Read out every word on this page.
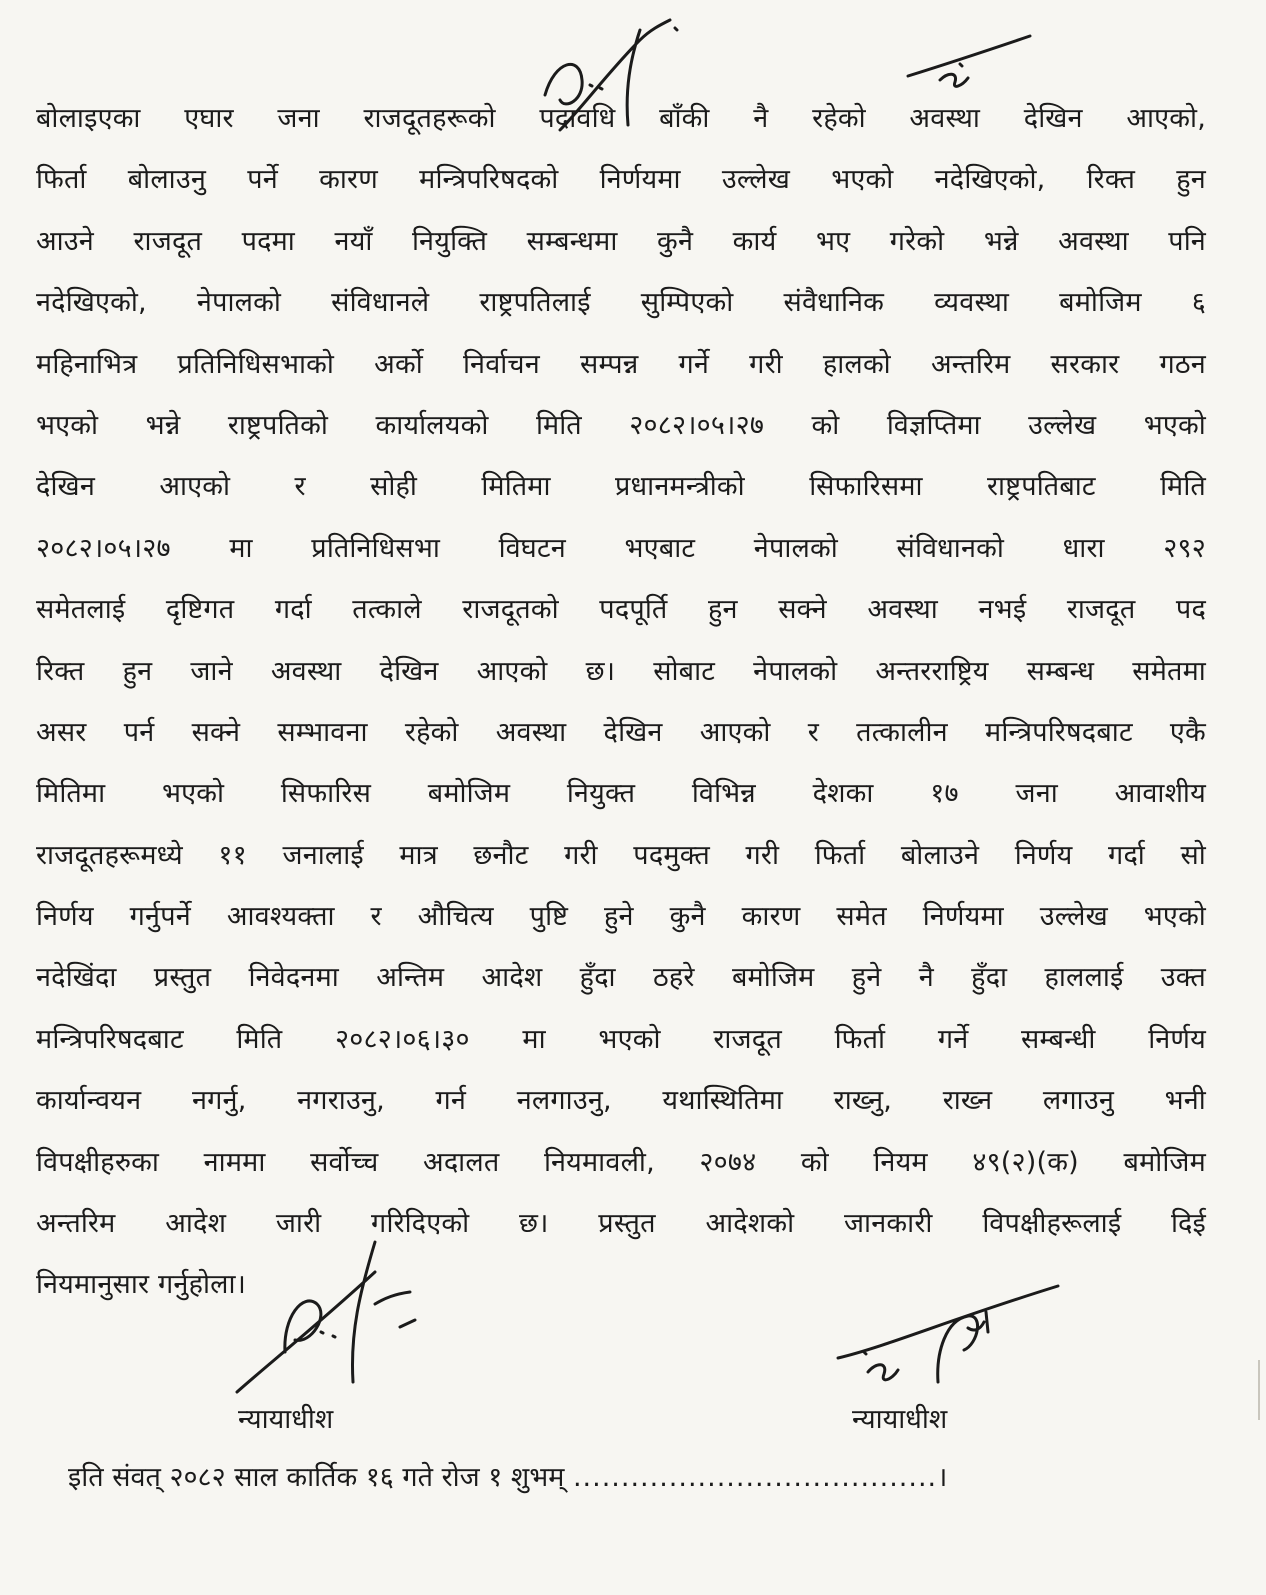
बोलाइएका एघार जना राजदूतहरूको पदावधि बाँकी नै रहेको अवस्था देखिन आएको,
फिर्ता बोलाउनु पर्ने कारण मन्त्रिपरिषदको निर्णयमा उल्लेख भएको नदेखिएको, रिक्त हुन
आउने राजदूत पदमा नयाँ नियुक्ति सम्बन्धमा कुनै कार्य भए गरेको भन्ने अवस्था पनि
नदेखिएको, नेपालको संविधानले राष्ट्रपतिलाई सुम्पिएको संवैधानिक व्यवस्था बमोजिम ६
महिनाभित्र प्रतिनिधिसभाको अर्को निर्वाचन सम्पन्न गर्ने गरी हालको अन्तरिम सरकार गठन
भएको भन्ने राष्ट्रपतिको कार्यालयको मिति २०८२।०५।२७ को विज्ञप्तिमा उल्लेख भएको
देखिन आएको र सोही मितिमा प्रधानमन्त्रीको सिफारिसमा राष्ट्रपतिबाट मिति
२०८२।०५।२७ मा प्रतिनिधिसभा विघटन भएबाट नेपालको संविधानको धारा २९२
समेतलाई दृष्टिगत गर्दा तत्काले राजदूतको पदपूर्ति हुन सक्ने अवस्था नभई राजदूत पद
रिक्त हुन जाने अवस्था देखिन आएको छ। सोबाट नेपालको अन्तरराष्ट्रिय सम्बन्ध समेतमा
असर पर्न सक्ने सम्भावना रहेको अवस्था देखिन आएको र तत्कालीन मन्त्रिपरिषदबाट एकै
मितिमा भएको सिफारिस बमोजिम नियुक्त विभिन्न देशका १७ जना आवाशीय
राजदूतहरूमध्ये ११ जनालाई मात्र छनौट गरी पदमुक्त गरी फिर्ता बोलाउने निर्णय गर्दा सो
निर्णय गर्नुपर्ने आवश्यक्ता र औचित्य पुष्टि हुने कुनै कारण समेत निर्णयमा उल्लेख भएको
नदेखिंदा प्रस्तुत निवेदनमा अन्तिम आदेश हुँदा ठहरे बमोजिम हुने नै हुँदा हाललाई उक्त
मन्त्रिपरिषदबाट मिति २०८२।०६।३० मा भएको राजदूत फिर्ता गर्ने सम्बन्धी निर्णय
कार्यान्वयन नगर्नु, नगराउनु, गर्न नलगाउनु, यथास्थितिमा राख्नु, राख्न लगाउनु भनी
विपक्षीहरुका नाममा सर्वोच्च अदालत नियमावली, २०७४ को नियम ४९(२)(क) बमोजिम
अन्तरिम आदेश जारी गरिदिएको छ। प्रस्तुत आदेशको जानकारी विपक्षीहरूलाई दिई
नियमानुसार गर्नुहोला।
न्यायाधीश	न्यायाधीश
इति संवत् २०८२ साल कार्तिक १६ गते रोज १ शुभम् ......................................।
